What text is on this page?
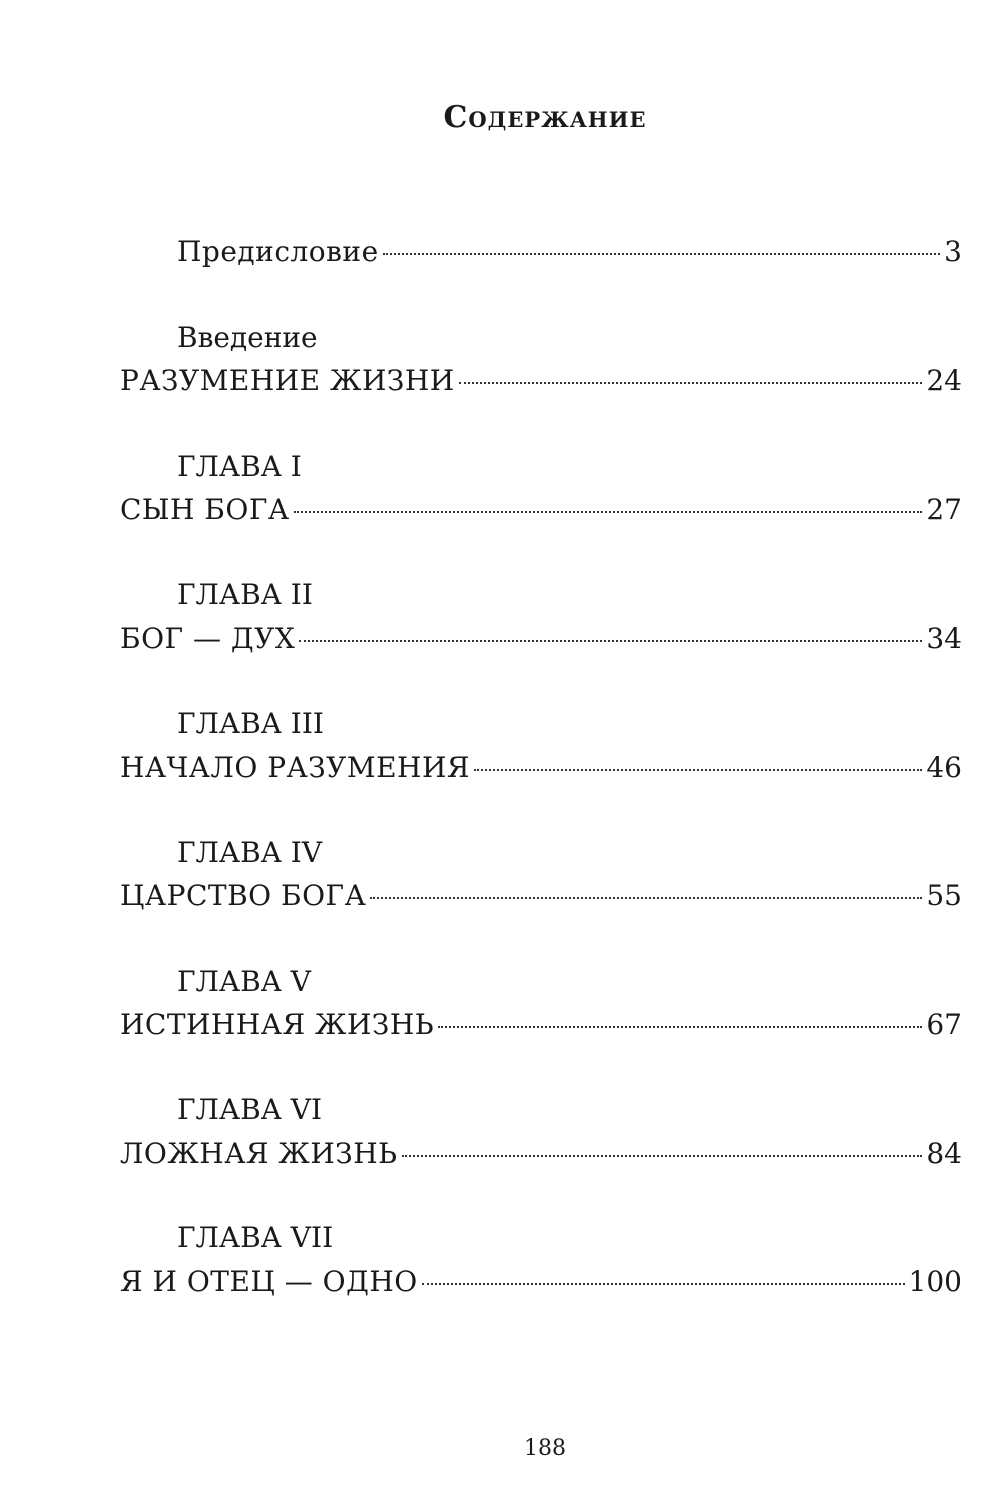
Содержание
Предисловие	3
Введение
РАЗУМЕНИЕ ЖИЗНИ	24
ГЛАВА I
СЫН БОГА	27
ГЛАВА II
БОГ — ДУХ	34
ГЛАВА III
НАЧАЛО РАЗУМЕНИЯ	46
ГЛАВА IV
ЦАРСТВО БОГА	55
ГЛАВА V
ИСТИННАЯ ЖИЗНЬ	67
ГЛАВА VI
ЛОЖНАЯ ЖИЗНЬ	84
ГЛАВА VII
Я И ОТЕЦ — ОДНО	100
188
